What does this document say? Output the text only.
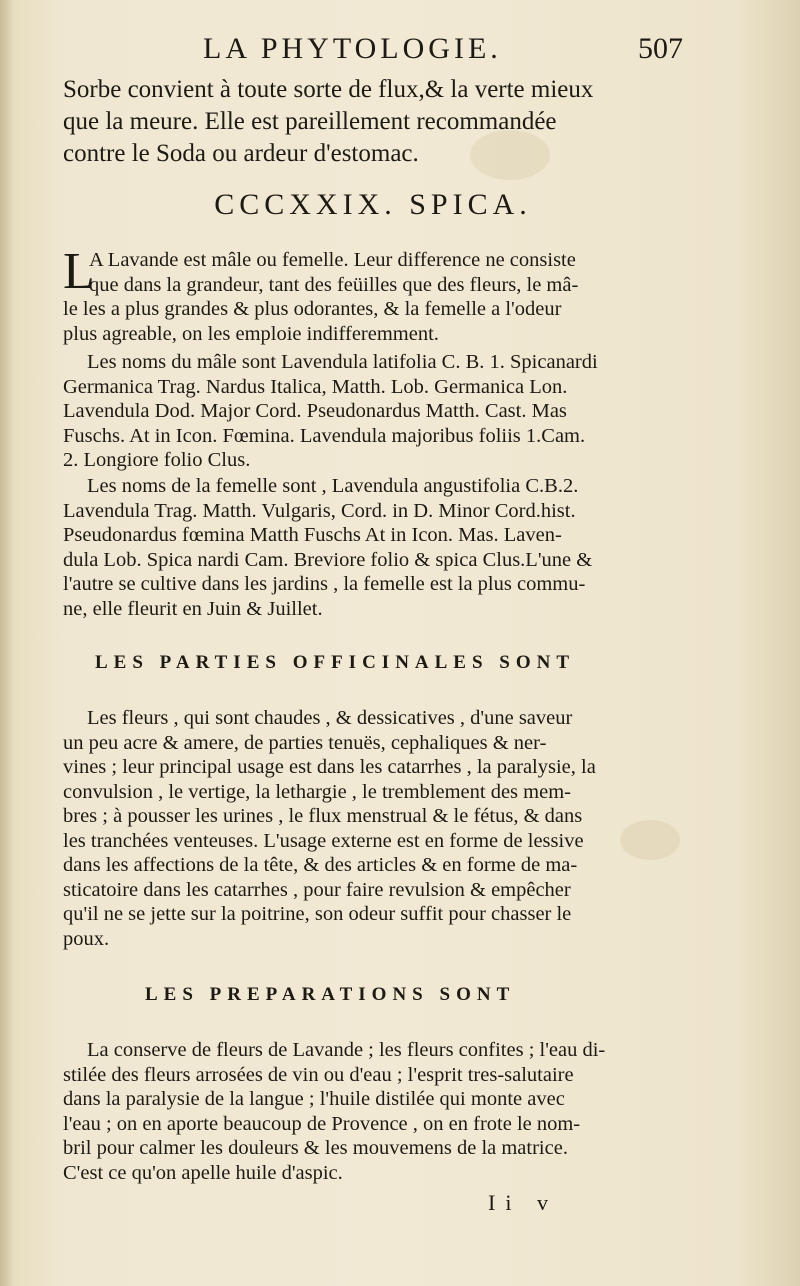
LA PHYTOLOGIE.	507
Sorbe convient à toute sorte de flux,& la verte mieux
que la meure. Elle est pareillement recommandée
contre le Soda ou ardeur d'estomac.
CCCXXIX. SPICA.
L
A Lavande est mâle ou femelle. Leur difference ne consiste
que dans la grandeur, tant des feüilles que des fleurs, le mâ-
le les a plus grandes & plus odorantes, & la femelle a l'odeur
plus agreable, on les emploie indifferemment.
Les noms du mâle sont Lavendula latifolia C. B. 1. Spicanardi
Germanica Trag. Nardus Italica, Matth. Lob. Germanica Lon.
Lavendula Dod. Major Cord. Pseudonardus Matth. Cast. Mas
Fuschs. At in Icon. Fœmina. Lavendula majoribus foliis 1.Cam.
2. Longiore folio Clus.
Les noms de la femelle sont , Lavendula angustifolia C.B.2.
Lavendula Trag. Matth. Vulgaris, Cord. in D. Minor Cord.hist.
Pseudonardus fœmina Matth Fuschs At in Icon. Mas. Laven-
dula Lob. Spica nardi Cam. Breviore folio & spica Clus.L'une &
l'autre se cultive dans les jardins , la femelle est la plus commu-
ne, elle fleurit en Juin & Juillet.
LES PARTIES OFFICINALES SONT
Les fleurs , qui sont chaudes , & dessicatives , d'une saveur
un peu acre & amere, de parties tenuës, cephaliques & ner-
vines ; leur principal usage est dans les catarrhes , la paralysie, la
convulsion , le vertige, la lethargie , le tremblement des mem-
bres ; à pousser les urines , le flux menstrual & le fétus, & dans
les tranchées venteuses. L'usage externe est en forme de lessive
dans les affections de la tête, & des articles & en forme de ma-
sticatoire dans les catarrhes , pour faire revulsion & empêcher
qu'il ne se jette sur la poitrine, son odeur suffit pour chasser le
poux.
LES PREPARATIONS SONT
La conserve de fleurs de Lavande ; les fleurs confites ; l'eau di-
stilée des fleurs arrosées de vin ou d'eau ; l'esprit tres-salutaire
dans la paralysie de la langue ; l'huile distilée qui monte avec
l'eau ; on en aporte beaucoup de Provence , on en frote le nom-
bril pour calmer les douleurs & les mouvemens de la matrice.
C'est ce qu'on apelle huile d'aspic.
Ii v
